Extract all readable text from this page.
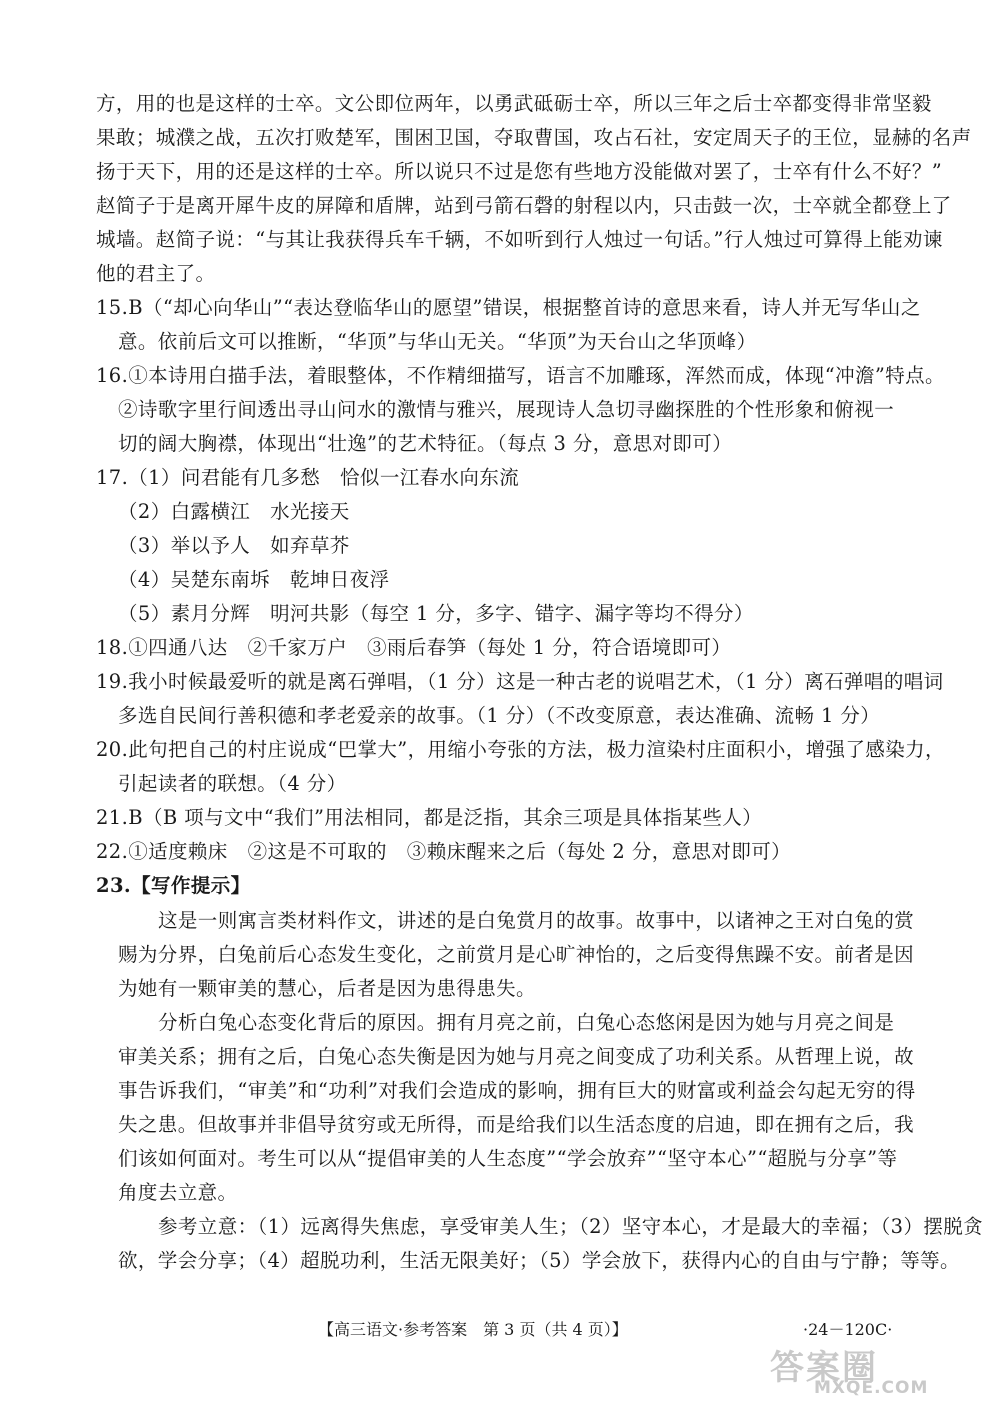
方，用的也是这样的士卒。文公即位两年，以勇武砥砺士卒，所以三年之后士卒都变得非常坚毅
果敢；城濮之战，五次打败楚军，围困卫国，夺取曹国，攻占石社，安定周天子的王位，显赫的名声
扬于天下，用的还是这样的士卒。所以说只不过是您有些地方没能做对罢了，士卒有什么不好？”
赵简子于是离开犀牛皮的屏障和盾牌，站到弓箭石磬的射程以内，只击鼓一次，士卒就全都登上了
城墙。赵简子说：“与其让我获得兵车千辆，不如听到行人烛过一句话。”行人烛过可算得上能劝谏
他的君主了。
15.B（“却心向华山”“表达登临华山的愿望”错误，根据整首诗的意思来看，诗人并无写华山之
意。依前后文可以推断，“华顶”与华山无关。“华顶”为天台山之华顶峰）
16.①本诗用白描手法，着眼整体，不作精细描写，语言不加雕琢，浑然而成，体现“冲澹”特点。
②诗歌字里行间透出寻山问水的激情与雅兴，展现诗人急切寻幽探胜的个性形象和俯视一
切的阔大胸襟，体现出“壮逸”的艺术特征。（每点 3 分，意思对即可）
17.（1）问君能有几多愁　恰似一江春水向东流
（2）白露横江　水光接天
（3）举以予人　如弃草芥
（4）吴楚东南坼　乾坤日夜浮
（5）素月分辉　明河共影（每空 1 分，多字、错字、漏字等均不得分）
18.①四通八达　②千家万户　③雨后春笋（每处 1 分，符合语境即可）
19.我小时候最爱听的就是离石弹唱，（1 分）这是一种古老的说唱艺术，（1 分）离石弹唱的唱词
多选自民间行善积德和孝老爱亲的故事。（1 分）（不改变原意，表达准确、流畅 1 分）
20.此句把自己的村庄说成“巴掌大”，用缩小夸张的方法，极力渲染村庄面积小，增强了感染力，
引起读者的联想。（4 分）
21.B（B 项与文中“我们”用法相同，都是泛指，其余三项是具体指某些人）
22.①适度赖床　②这是不可取的　③赖床醒来之后（每处 2 分，意思对即可）
23.【写作提示】
这是一则寓言类材料作文，讲述的是白兔赏月的故事。故事中，以诸神之王对白兔的赏
赐为分界，白兔前后心态发生变化，之前赏月是心旷神怡的，之后变得焦躁不安。前者是因
为她有一颗审美的慧心，后者是因为患得患失。
分析白兔心态变化背后的原因。拥有月亮之前，白兔心态悠闲是因为她与月亮之间是
审美关系；拥有之后，白兔心态失衡是因为她与月亮之间变成了功利关系。从哲理上说，故
事告诉我们，“审美”和“功利”对我们会造成的影响，拥有巨大的财富或利益会勾起无穷的得
失之患。但故事并非倡导贫穷或无所得，而是给我们以生活态度的启迪，即在拥有之后，我
们该如何面对。考生可以从“提倡审美的人生态度”“学会放弃”“坚守本心”“超脱与分享”等
角度去立意。
参考立意：（1）远离得失焦虑，享受审美人生；（2）坚守本心，才是最大的幸福；（3）摆脱贪
欲，学会分享；（4）超脱功利，生活无限美好；（5）学会放下，获得内心的自由与宁静；等等。
【高三语文·参考答案　第 3 页（共 4 页）】	·24－120C·
答案圈
MXQE.COM
